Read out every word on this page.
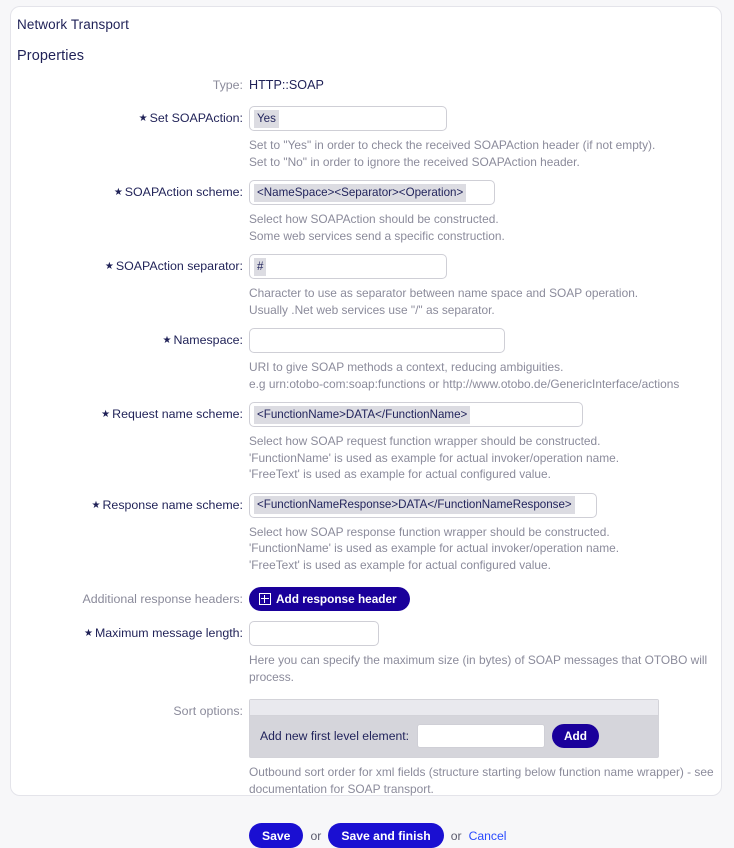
Network Transport
Properties
Type: HTTP::SOAP
★ Set SOAPAction: Yes
Set to "Yes" in order to check the received SOAPAction header (if not empty).
Set to "No" in order to ignore the received SOAPAction header.
★ SOAPAction scheme: <NameSpace><Separator><Operation>
Select how SOAPAction should be constructed.
Some web services send a specific construction.
★ SOAPAction separator: #
Character to use as separator between name space and SOAP operation.
Usually .Net web services use "/" as separator.
★ Namespace:
URI to give SOAP methods a context, reducing ambiguities.
e.g urn:otobo-com:soap:functions or http://www.otobo.de/GenericInterface/actions
★ Request name scheme: <FunctionName>DATA</FunctionName>
Select how SOAP request function wrapper should be constructed.
'FunctionName' is used as example for actual invoker/operation name.
'FreeText' is used as example for actual configured value.
★ Response name scheme: <FunctionNameResponse>DATA</FunctionNameResponse>
Select how SOAP response function wrapper should be constructed.
'FunctionName' is used as example for actual invoker/operation name.
'FreeText' is used as example for actual configured value.
Additional response headers:	Add response header
★ Maximum message length:
Here you can specify the maximum size (in bytes) of SOAP messages that OTOBO will process.
Sort options:
Add new first level element:	Add
Outbound sort order for xml fields (structure starting below function name wrapper) - see documentation for SOAP transport.
Save	or	Save and finish	or Cancel
